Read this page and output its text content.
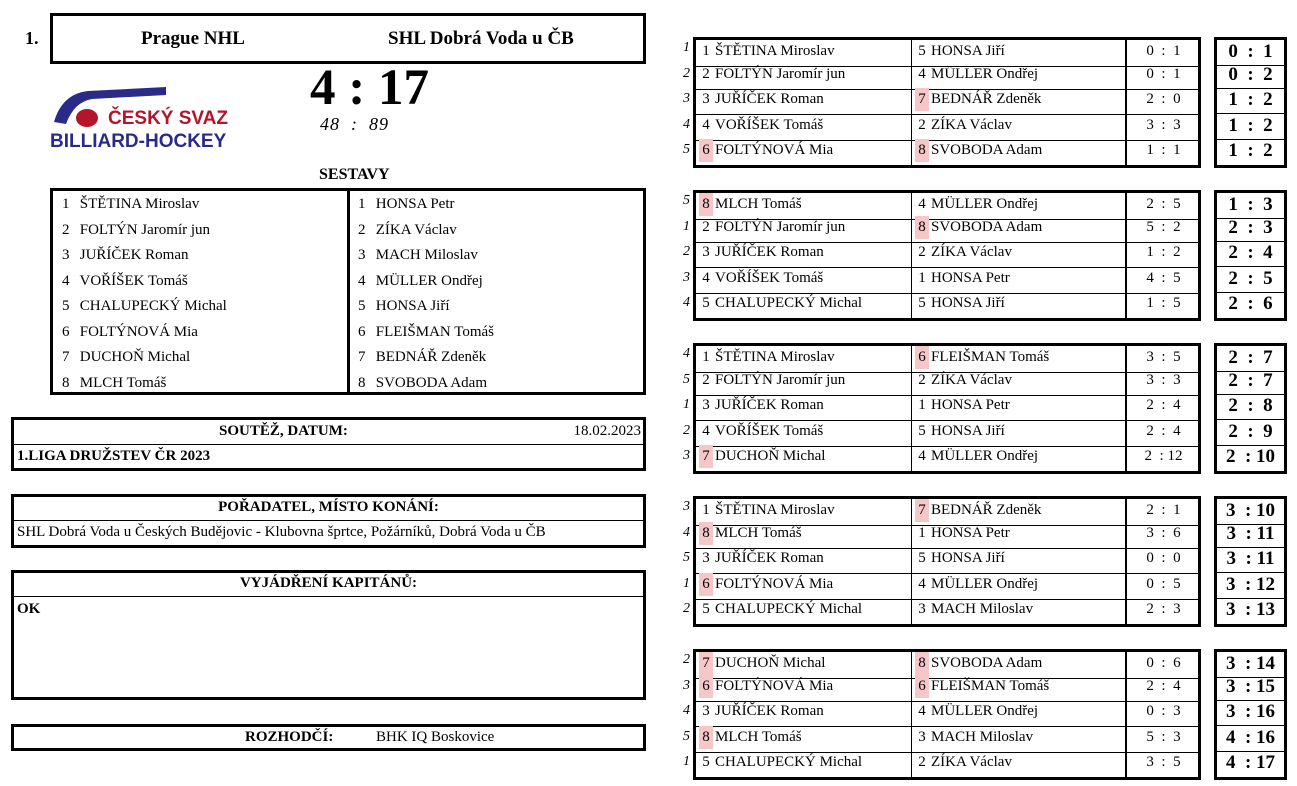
1.	Prague NHL	SHL Dobrá Voda u ČB
4 : 17
48  :  89
ČESKÝ SVAZ
BILLIARD-HOCKEY
SESTAVY
1 ŠTĚTINA Miroslav
2 FOLTÝN Jaromír jun
3 JUŘÍČEK Roman
4 VOŘÍŠEK Tomáš
5 CHALUPECKÝ Michal
6 FOLTÝNOVÁ Mia
7 DUCHOŇ Michal
8 MLCH Tomáš
1 HONSA Petr
2 ZÍKA Václav
3 MACH Miloslav
4 MÜLLER Ondřej
5 HONSA Jiří
6 FLEIŠMAN Tomáš
7 BEDNÁŘ Zdeněk
8 SVOBODA Adam
SOUTĚŽ, DATUM:	18.02.2023
1.LIGA DRUŽSTEV ČR 2023
POŘADATEL, MÍSTO KONÁNÍ:
SHL Dobrá Voda u Českých Budějovic - Klubovna šprtce, Požárníků, Dobrá Voda u ČB
VYJÁDŘENÍ KAPITÁNŮ:
OK
ROZHODČÍ:	BHK IQ Boskovice
1 1 ŠTĚTINA Miroslav	5 HONSA Jiří	0  :  1	0  :  1
2 2 FOLTÝN Jaromír jun	4 MÜLLER Ondřej	0  :  1	0  :  2
3 3 JUŘÍČEK Roman	7 BEDNÁŘ Zdeněk	2  :  0	1  :  2
4 4 VOŘÍŠEK Tomáš	2 ZÍKA Václav	3  :  3	1  :  2
5 6 FOLTÝNOVÁ Mia	8 SVOBODA Adam	1  :  1	1  :  2
5 8 MLCH Tomáš	4 MÜLLER Ondřej	2  :  5	1  :  3
1 2 FOLTÝN Jaromír jun	8 SVOBODA Adam	5  :  2	2  :  3
2 3 JUŘÍČEK Roman	2 ZÍKA Václav	1  :  2	2  :  4
3 4 VOŘÍŠEK Tomáš	1 HONSA Petr	4  :  5	2  :  5
4 5 CHALUPECKÝ Michal	5 HONSA Jiří	1  :  5	2  :  6
4 1 ŠTĚTINA Miroslav	6 FLEIŠMAN Tomáš	3  :  5	2  :  7
5 2 FOLTÝN Jaromír jun	2 ZÍKA Václav	3  :  3	2  :  7
1 3 JUŘÍČEK Roman	1 HONSA Petr	2  :  4	2  :  8
2 4 VOŘÍŠEK Tomáš	5 HONSA Jiří	2  :  4	2  :  9
3 7 DUCHOŇ Michal	4 MÜLLER Ondřej	2  : 12	2  : 10
3 1 ŠTĚTINA Miroslav	7 BEDNÁŘ Zdeněk	2  :  1	3  : 10
4 8 MLCH Tomáš	1 HONSA Petr	3  :  6	3  : 11
5 3 JUŘÍČEK Roman	5 HONSA Jiří	0  :  0	3  : 11
1 6 FOLTÝNOVÁ Mia	4 MÜLLER Ondřej	0  :  5	3  : 12
2 5 CHALUPECKÝ Michal	3 MACH Miloslav	2  :  3	3  : 13
2 7 DUCHOŇ Michal	8 SVOBODA Adam	0  :  6	3  : 14
3 6 FOLTÝNOVÁ Mia	6 FLEIŠMAN Tomáš	2  :  4	3  : 15
4 3 JUŘÍČEK Roman	4 MÜLLER Ondřej	0  :  3	3  : 16
5 8 MLCH Tomáš	3 MACH Miloslav	5  :  3	4  : 16
1 5 CHALUPECKÝ Michal	2 ZÍKA Václav	3  :  5	4  : 17
